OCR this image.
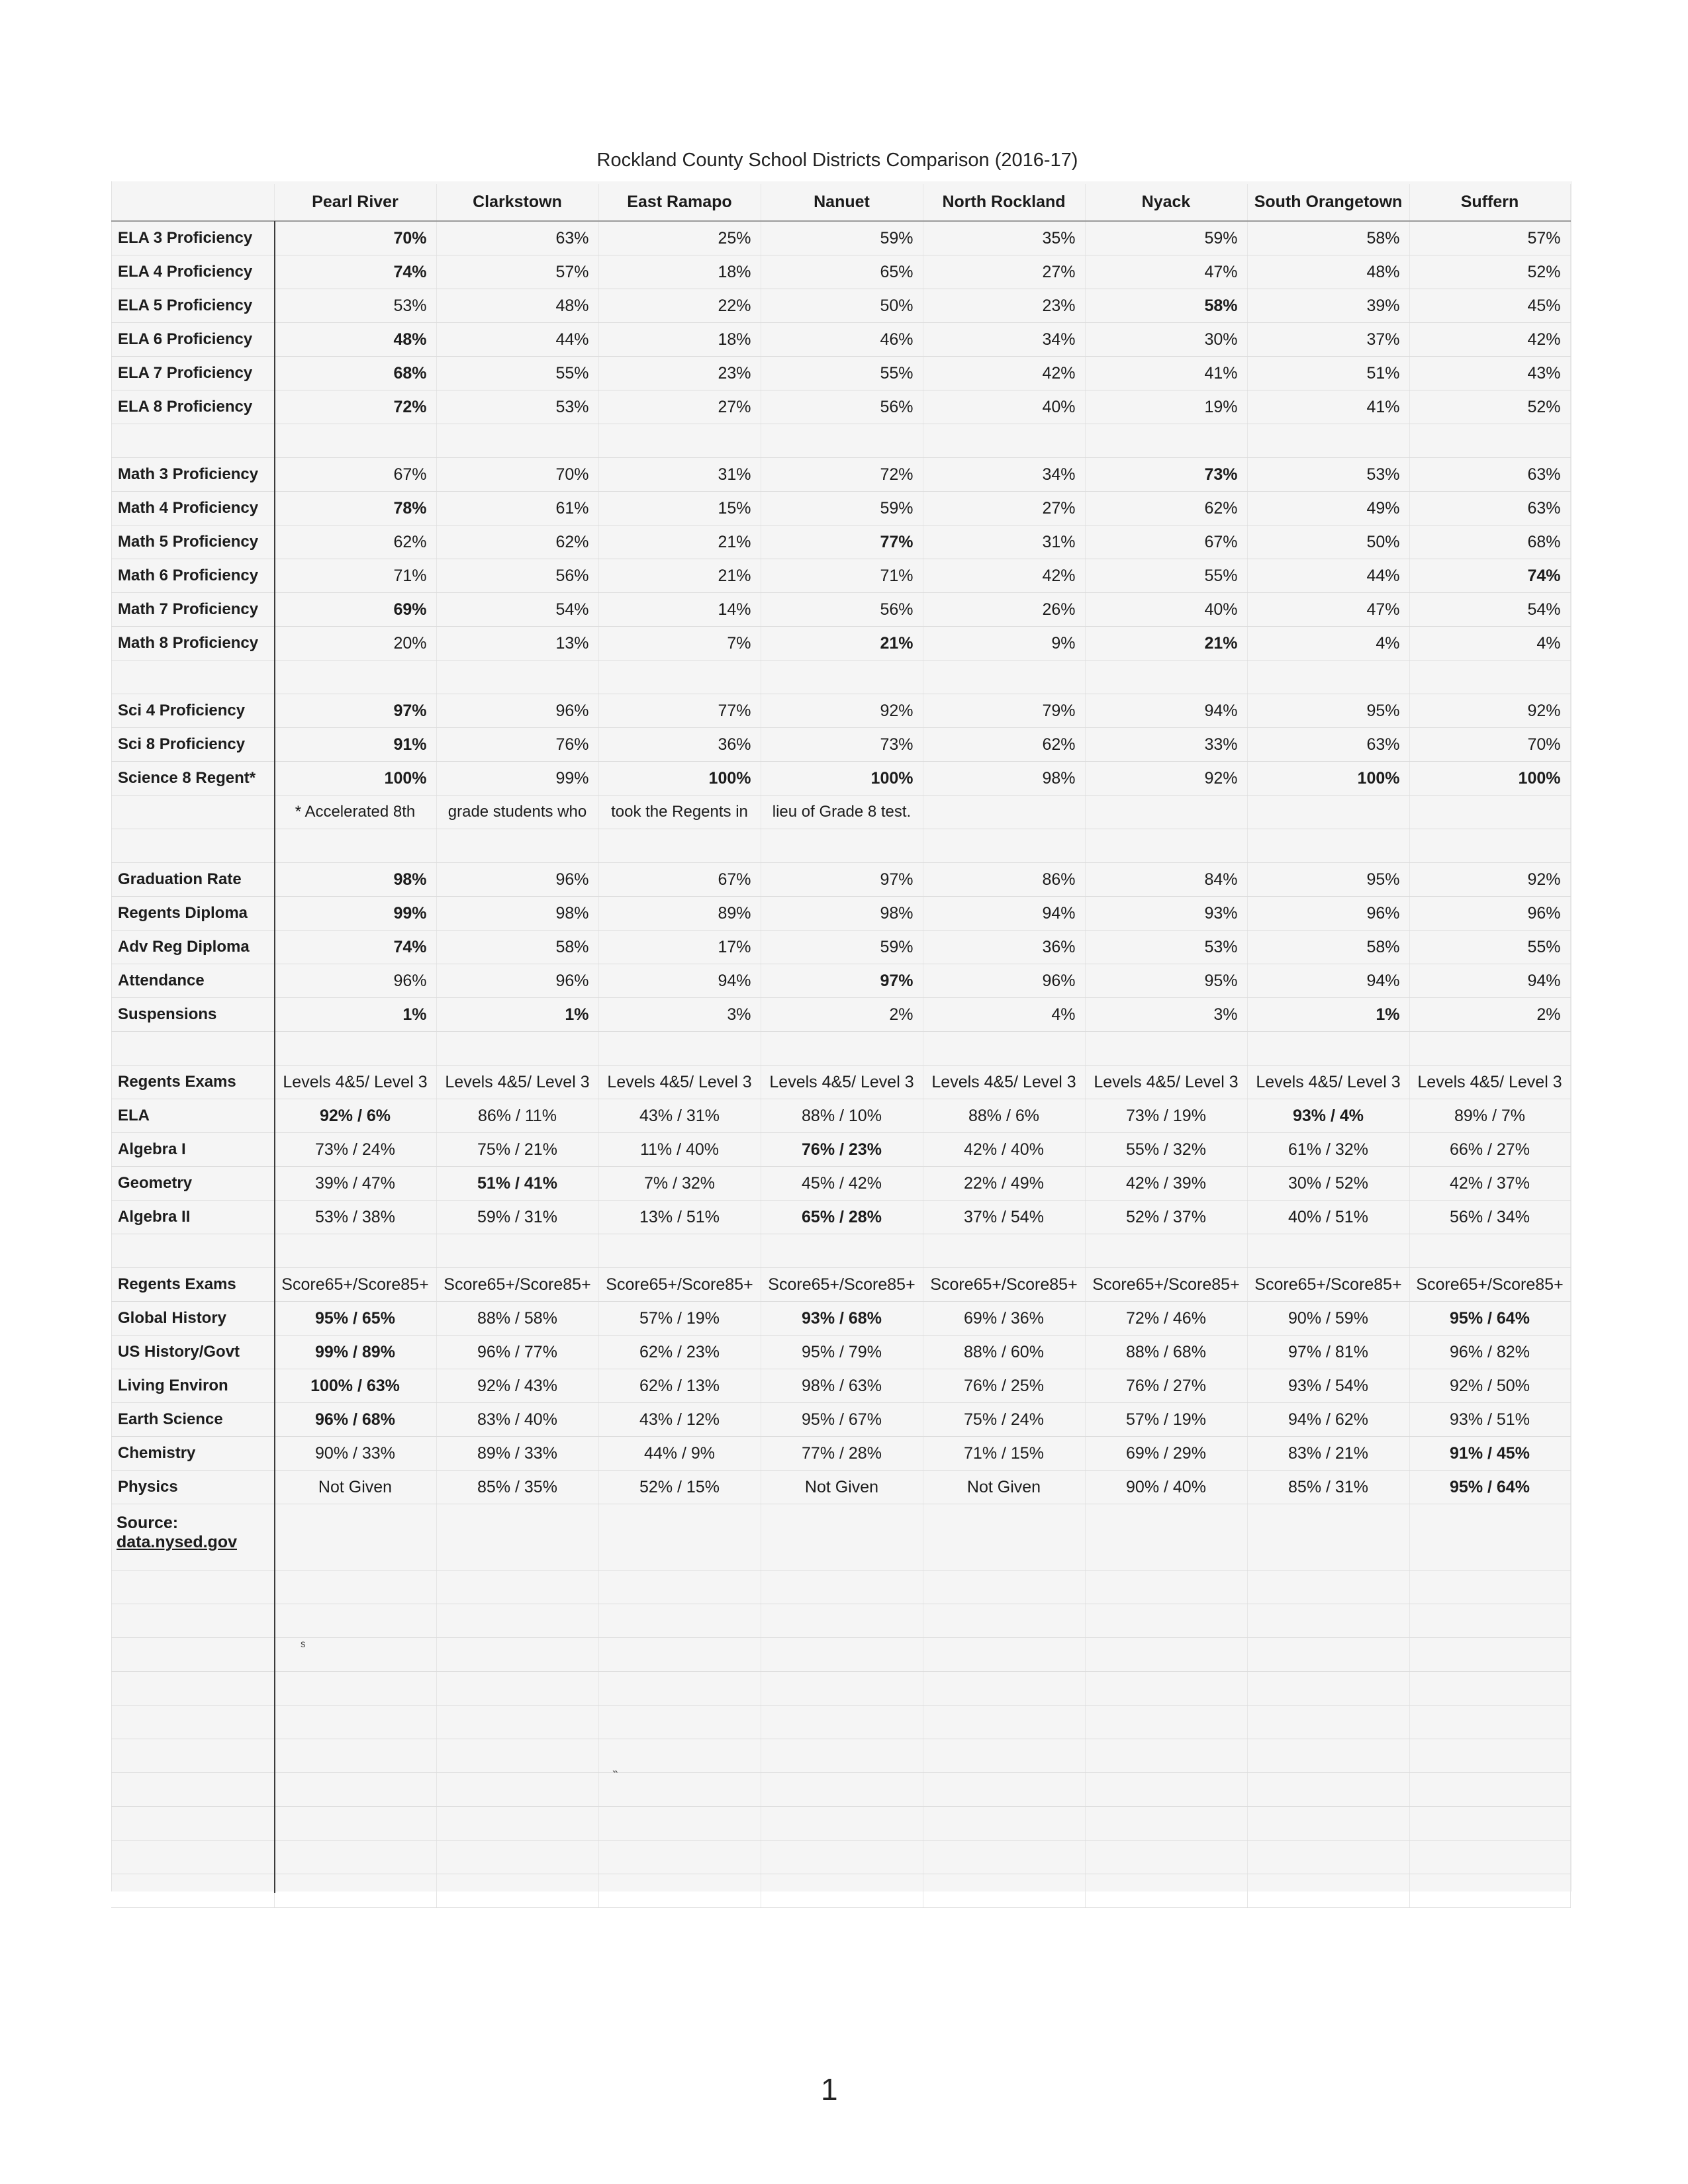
Rockland County School Districts Comparison (2016-17)
	Pearl River	Clarkstown	East Ramapo	Nanuet	North Rockland	Nyack	South Orangetown	Suffern
ELA 3 Proficiency	70%	63%	25%	59%	35%	59%	58%	57%
ELA 4 Proficiency	74%	57%	18%	65%	27%	47%	48%	52%
ELA 5 Proficiency	53%	48%	22%	50%	23%	58%	39%	45%
ELA 6 Proficiency	48%	44%	18%	46%	34%	30%	37%	42%
ELA 7 Proficiency	68%	55%	23%	55%	42%	41%	51%	43%
ELA 8 Proficiency	72%	53%	27%	56%	40%	19%	41%	52%

Math 3 Proficiency	67%	70%	31%	72%	34%	73%	53%	63%
Math 4 Proficiency	78%	61%	15%	59%	27%	62%	49%	63%
Math 5 Proficiency	62%	62%	21%	77%	31%	67%	50%	68%
Math 6 Proficiency	71%	56%	21%	71%	42%	55%	44%	74%
Math 7 Proficiency	69%	54%	14%	56%	26%	40%	47%	54%
Math 8 Proficiency	20%	13%	7%	21%	9%	21%	4%	4%

Sci 4 Proficiency	97%	96%	77%	92%	79%	94%	95%	92%
Sci 8 Proficiency	91%	76%	36%	73%	62%	33%	63%	70%
Science 8 Regent*	100%	99%	100%	100%	98%	92%	100%	100%
	* Accelerated 8th	grade students who	took the Regents in	lieu of Grade 8 test.				

Graduation Rate	98%	96%	67%	97%	86%	84%	95%	92%
Regents Diploma	99%	98%	89%	98%	94%	93%	96%	96%
Adv Reg Diploma	74%	58%	17%	59%	36%	53%	58%	55%
Attendance	96%	96%	94%	97%	96%	95%	94%	94%
Suspensions	1%	1%	3%	2%	4%	3%	1%	2%

Regents Exams	Levels 4&5/ Level 3	Levels 4&5/ Level 3	Levels 4&5/ Level 3	Levels 4&5/ Level 3	Levels 4&5/ Level 3	Levels 4&5/ Level 3	Levels 4&5/ Level 3	Levels 4&5/ Level 3
ELA	92% / 6%	86% / 11%	43% / 31%	88% / 10%	88% / 6%	73% / 19%	93% / 4%	89% / 7%
Algebra I	73% / 24%	75% / 21%	11% / 40%	76% / 23%	42% / 40%	55% / 32%	61% / 32%	66% / 27%
Geometry	39% / 47%	51% / 41%	7% / 32%	45% / 42%	22% / 49%	42% / 39%	30% / 52%	42% / 37%
Algebra II	53% / 38%	59% / 31%	13% / 51%	65% / 28%	37% / 54%	52% / 37%	40% / 51%	56% / 34%

Regents Exams	Score65+/Score85+	Score65+/Score85+	Score65+/Score85+	Score65+/Score85+	Score65+/Score85+	Score65+/Score85+	Score65+/Score85+	Score65+/Score85+
Global History	95% / 65%	88% / 58%	57% / 19%	93% / 68%	69% / 36%	72% / 46%	90% / 59%	95% / 64%
US History/Govt	99% / 89%	96% / 77%	62% / 23%	95% / 79%	88% / 60%	88% / 68%	97% / 81%	96% / 82%
Living Environ	100% / 63%	92% / 43%	62% / 13%	98% / 63%	76% / 25%	76% / 27%	93% / 54%	92% / 50%
Earth Science	96% / 68%	83% / 40%	43% / 12%	95% / 67%	75% / 24%	57% / 19%	94% / 62%	93% / 51%
Chemistry	90% / 33%	89% / 33%	44% / 9%	77% / 28%	71% / 15%	69% / 29%	83% / 21%	91% / 45%
Physics	Not Given	85% / 35%	52% / 15%	Not Given	Not Given	90% / 40%	85% / 31%	95% / 64%

Source:
data.nysed.gov								

ˢ
˵
1
